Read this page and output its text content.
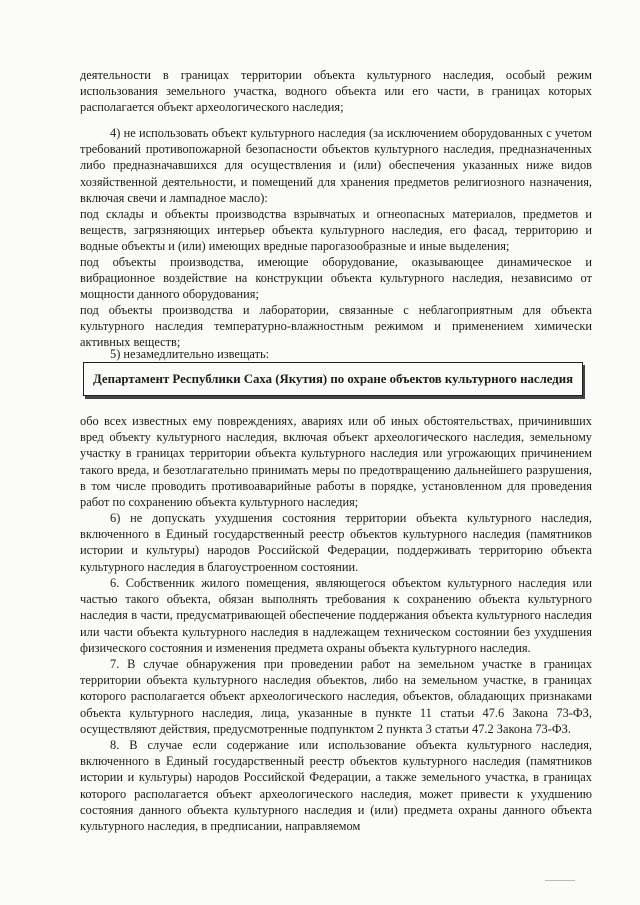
деятельности в границах территории объекта культурного наследия, особый режим использования земельного участка, водного объекта или его части, в границах которых располагается объект археологического наследия;

4) не использовать объект культурного наследия (за исключением оборудованных с учетом требований противопожарной безопасности объектов культурного наследия, предназначенных либо предназначавшихся для осуществления и (или) обеспечения указанных ниже видов хозяйственной деятельности, и помещений для хранения предметов религиозного назначения, включая свечи и лампадное масло):

под склады и объекты производства взрывчатых и огнеопасных материалов, предметов и веществ, загрязняющих интерьер объекта культурного наследия, его фасад, территорию и водные объекты и (или) имеющих вредные парогазообразные и иные выделения;

под объекты производства, имеющие оборудование, оказывающее динамическое и вибрационное воздействие на конструкции объекта культурного наследия, независимо от мощности данного оборудования;

под объекты производства и лаборатории, связанные с неблагоприятным для объекта культурного наследия температурно-влажностным режимом и применением химически активных веществ;

5) незамедлительно извещать:

Департамент Республики Саха (Якутия) по охране объектов культурного наследия

обо всех известных ему повреждениях, авариях или об иных обстоятельствах, причинивших вред объекту культурного наследия, включая объект археологического наследия, земельному участку в границах территории объекта культурного наследия или угрожающих причинением такого вреда, и безотлагательно принимать меры по предотвращению дальнейшего разрушения, в том числе проводить противоаварийные работы в порядке, установленном для проведения работ по сохранению объекта культурного наследия;

6) не допускать ухудшения состояния территории объекта культурного наследия, включенного в Единый государственный реестр объектов культурного наследия (памятников истории и культуры) народов Российской Федерации, поддерживать территорию объекта культурного наследия в благоустроенном состоянии.

6. Собственник жилого помещения, являющегося объектом культурного наследия или частью такого объекта, обязан выполнять требования к сохранению объекта культурного наследия в части, предусматривающей обеспечение поддержания объекта культурного наследия или части объекта культурного наследия в надлежащем техническом состоянии без ухудшения физического состояния и изменения предмета охраны объекта культурного наследия.

7. В случае обнаружения при проведении работ на земельном участке в границах территории объекта культурного наследия объектов, либо на земельном участке, в границах которого располагается объект археологического наследия, объектов, обладающих признаками объекта культурного наследия, лица, указанные в пункте 11 статьи 47.6 Закона 73-ФЗ, осуществляют действия, предусмотренные подпунктом 2 пункта 3 статьи 47.2 Закона 73-ФЗ.

8. В случае если содержание или использование объекта культурного наследия, включенного в Единый государственный реестр объектов культурного наследия (памятников истории и культуры) народов Российской Федерации, а также земельного участка, в границах которого располагается объект археологического наследия, может привести к ухудшению состояния данного объекта культурного наследия и (или) предмета охраны данного объекта культурного наследия, в предписании, направляемом
